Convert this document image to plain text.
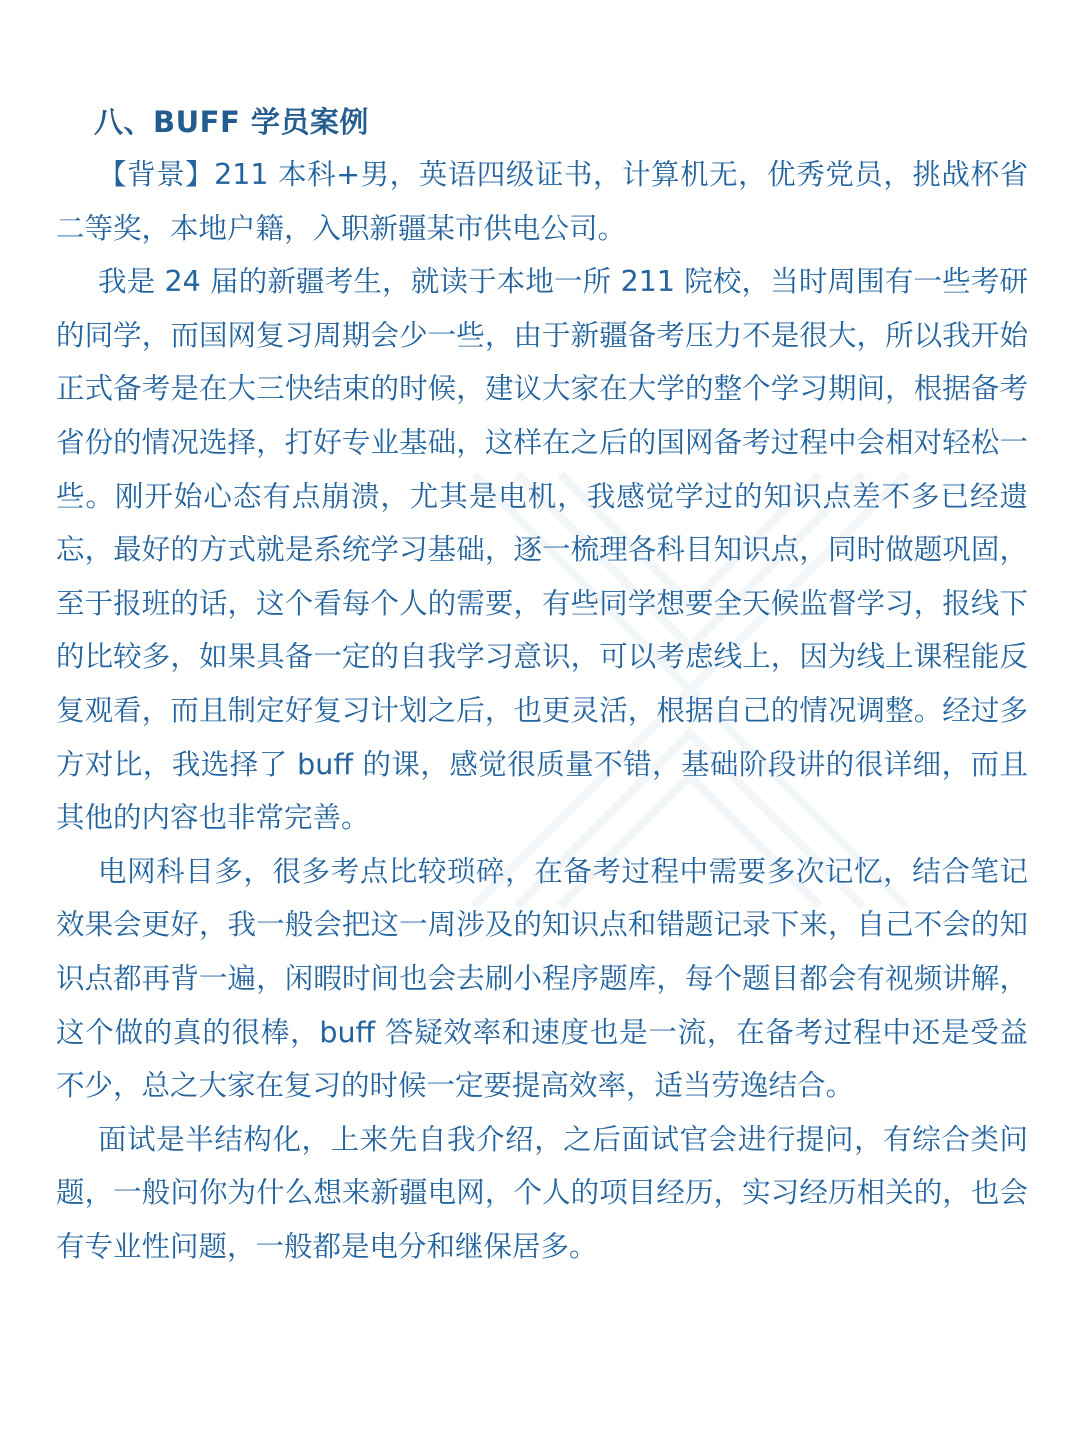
八、BUFF 学员案例

【背景】211 本科+男，英语四级证书，计算机无，优秀党员，挑战杯省二等奖，本地户籍，入职新疆某市供电公司。

我是 24 届的新疆考生，就读于本地一所 211 院校，当时周围有一些考研的同学，而国网复习周期会少一些，由于新疆备考压力不是很大，所以我开始正式备考是在大三快结束的时候，建议大家在大学的整个学习期间，根据备考省份的情况选择，打好专业基础，这样在之后的国网备考过程中会相对轻松一些。刚开始心态有点崩溃，尤其是电机，我感觉学过的知识点差不多已经遗忘，最好的方式就是系统学习基础，逐一梳理各科目知识点，同时做题巩固，至于报班的话，这个看每个人的需要，有些同学想要全天候监督学习，报线下的比较多，如果具备一定的自我学习意识，可以考虑线上，因为线上课程能反复观看，而且制定好复习计划之后，也更灵活，根据自己的情况调整。经过多方对比，我选择了 buff 的课，感觉很质量不错，基础阶段讲的很详细，而且其他的内容也非常完善。

电网科目多，很多考点比较琐碎，在备考过程中需要多次记忆，结合笔记效果会更好，我一般会把这一周涉及的知识点和错题记录下来，自己不会的知识点都再背一遍，闲暇时间也会去刷小程序题库，每个题目都会有视频讲解，这个做的真的很棒，buff 答疑效率和速度也是一流，在备考过程中还是受益不少，总之大家在复习的时候一定要提高效率，适当劳逸结合。

面试是半结构化，上来先自我介绍，之后面试官会进行提问，有综合类问题，一般问你为什么想来新疆电网，个人的项目经历，实习经历相关的，也会有专业性问题，一般都是电分和继保居多。
